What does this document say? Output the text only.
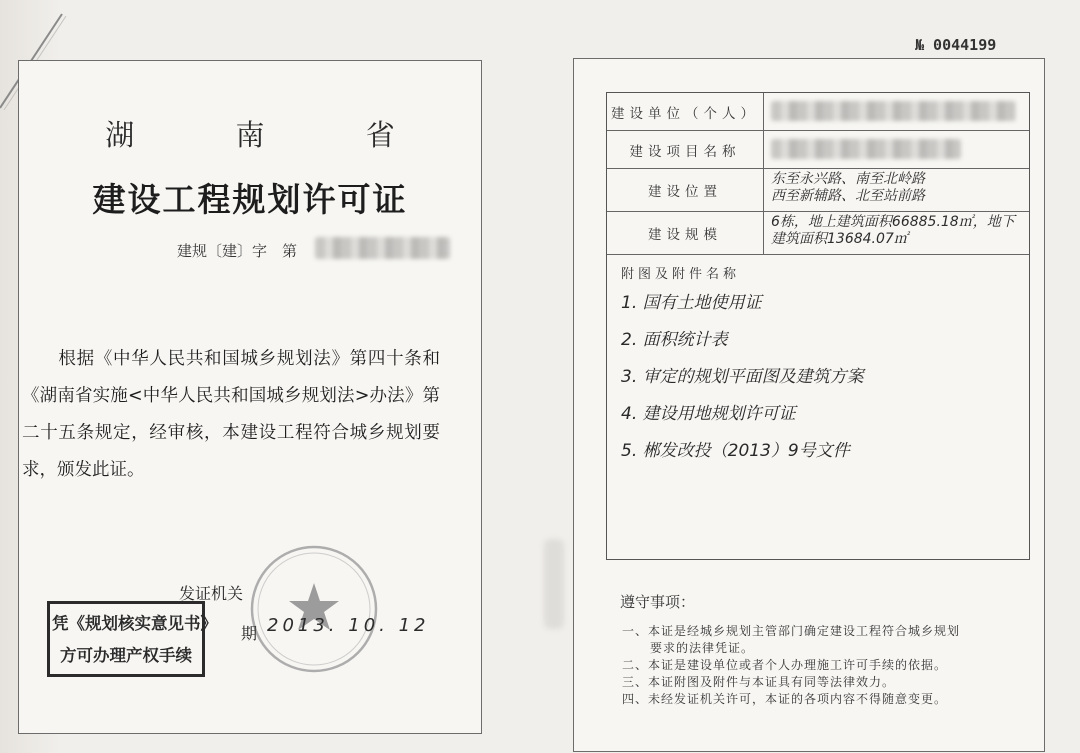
湖 南 省
建设工程规划许可证
建规〔建〕字　第
　　根据《中华人民共和国城乡规划法》第四十条和《湖南省实施<中华人民共和国城乡规划法>办法》第二十五条规定，经审核，本建设工程符合城乡规划要求，颁发此证。
发证机关
期 2013. 10. 12
凭《规划核实意见书》
方可办理产权手续
№ 0044199
建设单位（个人）
建设项目名称
建设位置
东至永兴路、南至北岭路
西至新辅路、北至站前路
建设规模
6栋，地上建筑面积66885.18㎡，地下建筑面积13684.07㎡
附图及附件名称
1. 国有土地使用证
2. 面积统计表
3. 审定的规划平面图及建筑方案
4. 建设用地规划许可证
5. 郴发改投（2013）9号文件
遵守事项：

一、本证是经城乡规划主管部门确定建设工程符合城乡规划

要求的法律凭证。

二、本证是建设单位或者个人办理施工许可手续的依据。

三、本证附图及附件与本证具有同等法律效力。

四、未经发证机关许可，本证的各项内容不得随意变更。
